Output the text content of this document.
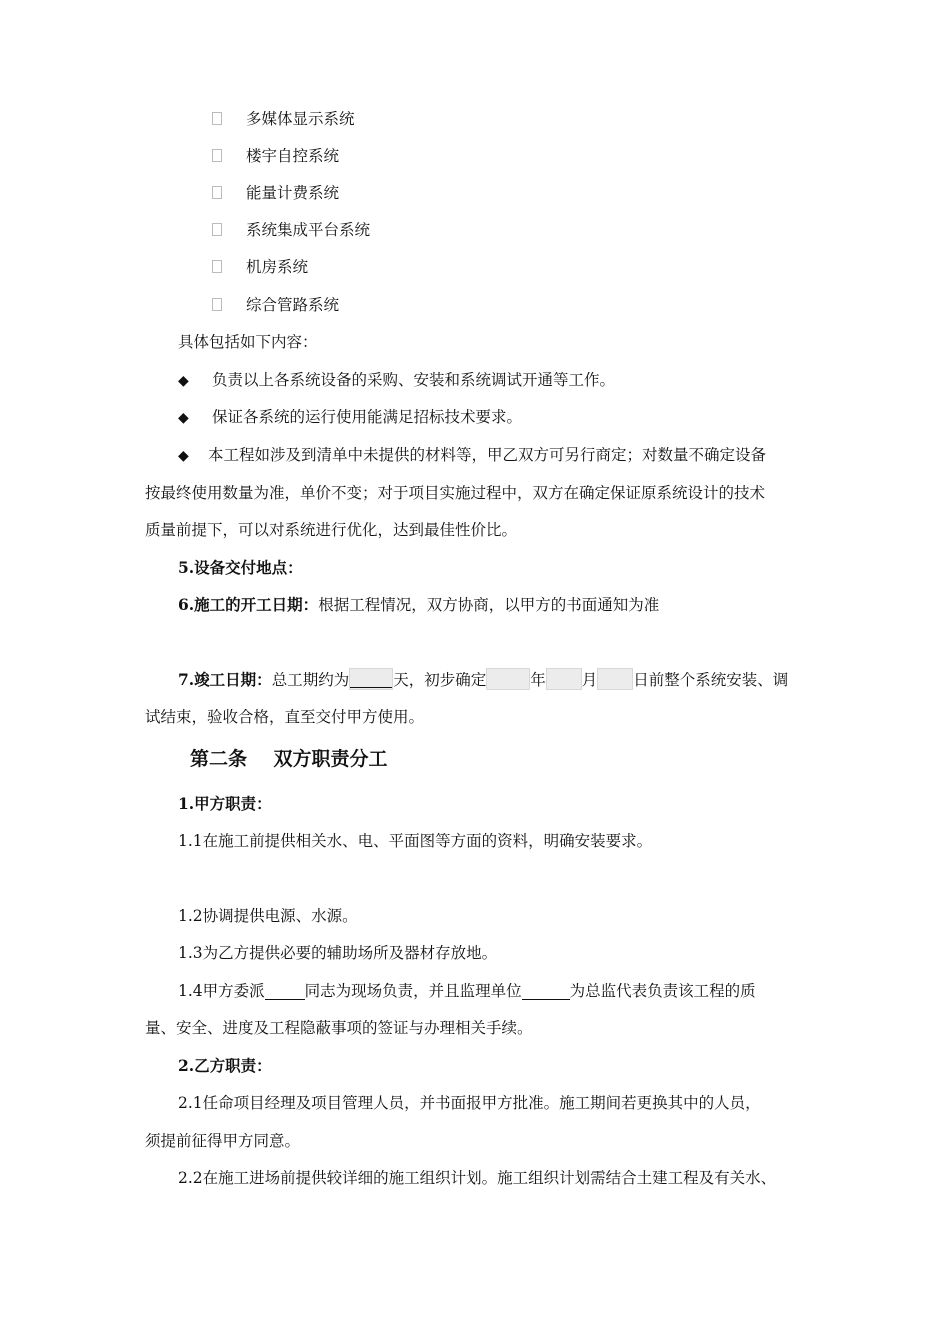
多媒体显示系统
楼宇自控系统
能量计费系统
系统集成平台系统
机房系统
综合管路系统
具体包括如下内容：
◆ 负责以上各系统设备的采购、安装和系统调试开通等工作。
◆ 保证各系统的运行使用能满足招标技术要求。
◆ 本工程如涉及到清单中未提供的材料等，甲乙双方可另行商定；对数量不确定设备
按最终使用数量为准，单价不变；对于项目实施过程中，双方在确定保证原系统设计的技术
质量前提下，可以对系统进行优化，达到最佳性价比。
5.设备交付地点：
6.施工的开工日期：根据工程情况，双方协商，以甲方的书面通知为准
7.竣工日期：总工期约为	天，初步确定	年 月 日前整个系统安装、调
试结束，验收合格，直至交付甲方使用。
第二条    双方职责分工
1.甲方职责：
1.1在施工前提供相关水、电、平面图等方面的资料，明确安装要求。
1.2协调提供电源、水源。
1.3为乙方提供必要的辅助场所及器材存放地。
1.4甲方委派	同志为现场负责，并且监理单位	为总监代表负责该工程的质
量、安全、进度及工程隐蔽事项的签证与办理相关手续。
2.乙方职责：
2.1任命项目经理及项目管理人员，并书面报甲方批准。施工期间若更换其中的人员，
须提前征得甲方同意。
2.2在施工进场前提供较详细的施工组织计划。施工组织计划需结合土建工程及有关水、
